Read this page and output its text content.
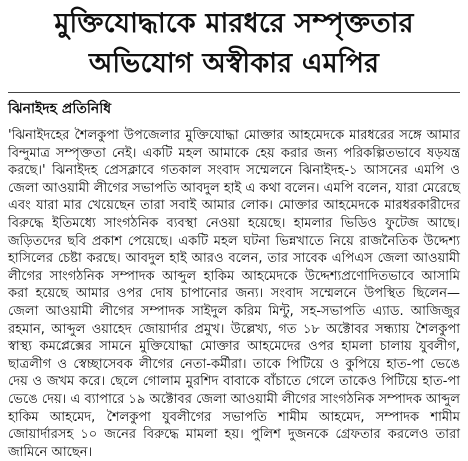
মুক্তিযোদ্ধাকে মারধরে সম্পৃক্ততার
অভিযোগ অস্বীকার এমপির

ঝিনাইদহ প্রতিনিধি

'ঝিনাইদহের শৈলকুপা উপজেলার মুক্তিযোদ্ধা মোক্তার আহমেদকে মারধরের সঙ্গে আমার বিন্দুমাত্র সম্পৃক্ততা নেই। একটি মহল আমাকে হেয় করার জন্য পরিকল্পিতভাবে ষড়যন্ত্র করছে।' ঝিনাইদহ প্রেসক্লাবে গতকাল সংবাদ সম্মেলনে ঝিনাইদহ-১ আসনের এমপি ও জেলা আওয়ামী লীগের সভাপতি আবদুল হাই এ কথা বলেন। এমপি বলেন, যারা মেরেছে এবং যারা মার খেয়েছেন তারা সবাই আমার লোক। মোক্তার আহমেদকে মারধরকারীদের বিরুদ্ধে ইতিমধ্যে সাংগঠনিক ব্যবস্থা নেওয়া হয়েছে। হামলার ভিডিও ফুটেজ আছে। জড়িতদের ছবি প্রকাশ পেয়েছে। একটি মহল ঘটনা ভিন্নখাতে নিয়ে রাজনৈতিক উদ্দেশ্য হাসিলের চেষ্টা করছে। আবদুল হাই আরও বলেন, তার সাবেক এপিএস জেলা আওয়ামী লীগের সাংগঠনিক সম্পাদক আব্দুল হাকিম আহমেদকে উদ্দেশ্যপ্রণোদিতভাবে আসামি করা হয়েছে আমার ওপর দোষ চাপানোর জন্য। সংবাদ সম্মেলনে উপস্থিত ছিলেন— জেলা আওয়ামী লীগের সম্পাদক সাইদুল করিম মিন্টু, সহ-সভাপতি এ্যাড. আজিজুর রহমান, আব্দুল ওয়াহেদ জোয়ার্দার প্রমুখ। উল্লেখ্য, গত ১৮ অক্টোবর সন্ধ্যায় শৈলকুপা স্বাস্থ্য কমপ্লেক্সের সামনে মুক্তিযোদ্ধা মোক্তার আহমেদের ওপর হামলা চালায় যুবলীগ, ছাত্রলীগ ও স্বেচ্ছাসেবক লীগের নেতা-কর্মীরা। তাকে পিটিয়ে ও কুপিয়ে হাত-পা ভেঙে দেয় ও জখম করে। ছেলে গোলাম মুরশিদ বাবাকে বাঁচাতে গেলে তাকেও পিটিয়ে হাত-পা ভেঙে দেয়। এ ব্যাপারে ১৯ অক্টোবর জেলা আওয়ামী লীগের সাংগঠনিক সম্পাদক আব্দুল হাকিম আহমেদ, শৈলকুপা যুবলীগের সভাপতি শামীম আহমেদ, সম্পাদক শামীম জোয়ার্দারসহ ১০ জনের বিরুদ্ধে মামলা হয়। পুলিশ দুজনকে গ্রেফতার করলেও তারা জামিনে আছেন।
